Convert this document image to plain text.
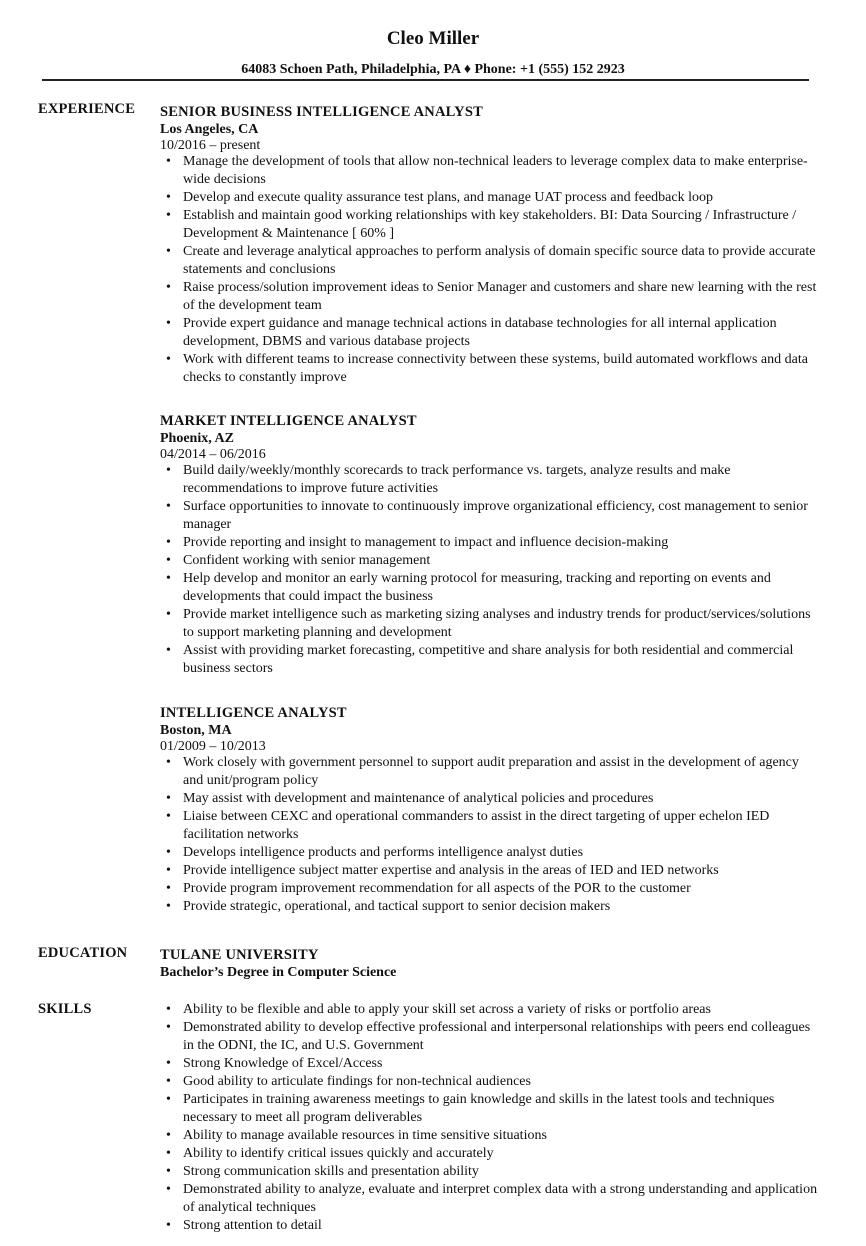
Cleo Miller
64083 Schoen Path, Philadelphia, PA ♦ Phone: +1 (555) 152 2923
EXPERIENCE SENIOR BUSINESS INTELLIGENCE ANALYST
Los Angeles, CA
10/2016 – present
• Manage the development of tools that allow non-technical leaders to leverage complex data to make enterprise-wide decisions
• Develop and execute quality assurance test plans, and manage UAT process and feedback loop
• Establish and maintain good working relationships with key stakeholders. BI: Data Sourcing / Infrastructure / Development & Maintenance [ 60% ]
• Create and leverage analytical approaches to perform analysis of domain specific source data to provide accurate statements and conclusions
• Raise process/solution improvement ideas to Senior Manager and customers and share new learning with the rest of the development team
• Provide expert guidance and manage technical actions in database technologies for all internal application development, DBMS and various database projects
• Work with different teams to increase connectivity between these systems, build automated workflows and data checks to constantly improve
MARKET INTELLIGENCE ANALYST
Phoenix, AZ
04/2014 – 06/2016
• Build daily/weekly/monthly scorecards to track performance vs. targets, analyze results and make recommendations to improve future activities
• Surface opportunities to innovate to continuously improve organizational efficiency, cost management to senior manager
• Provide reporting and insight to management to impact and influence decision-making
• Confident working with senior management
• Help develop and monitor an early warning protocol for measuring, tracking and reporting on events and developments that could impact the business
• Provide market intelligence such as marketing sizing analyses and industry trends for product/services/solutions to support marketing planning and development
• Assist with providing market forecasting, competitive and share analysis for both residential and commercial business sectors
INTELLIGENCE ANALYST
Boston, MA
01/2009 – 10/2013
• Work closely with government personnel to support audit preparation and assist in the development of agency and unit/program policy
• May assist with development and maintenance of analytical policies and procedures
• Liaise between CEXC and operational commanders to assist in the direct targeting of upper echelon IED facilitation networks
• Develops intelligence products and performs intelligence analyst duties
• Provide intelligence subject matter expertise and analysis in the areas of IED and IED networks
• Provide program improvement recommendation for all aspects of the POR to the customer
• Provide strategic, operational, and tactical support to senior decision makers
EDUCATION TULANE UNIVERSITY
Bachelor’s Degree in Computer Science
SKILLS
•	Ability to be flexible and able to apply your skill set across a variety of risks or portfolio areas
• Demonstrated ability to develop effective professional and interpersonal relationships with peers end colleagues in the ODNI, the IC, and U.S. Government
• Strong Knowledge of Excel/Access
• Good ability to articulate findings for non-technical audiences
• Participates in training awareness meetings to gain knowledge and skills in the latest tools and techniques necessary to meet all program deliverables
• Ability to manage available resources in time sensitive situations
• Ability to identify critical issues quickly and accurately
• Strong communication skills and presentation ability
• Demonstrated ability to analyze, evaluate and interpret complex data with a strong understanding and application of analytical techniques
• Strong attention to detail
